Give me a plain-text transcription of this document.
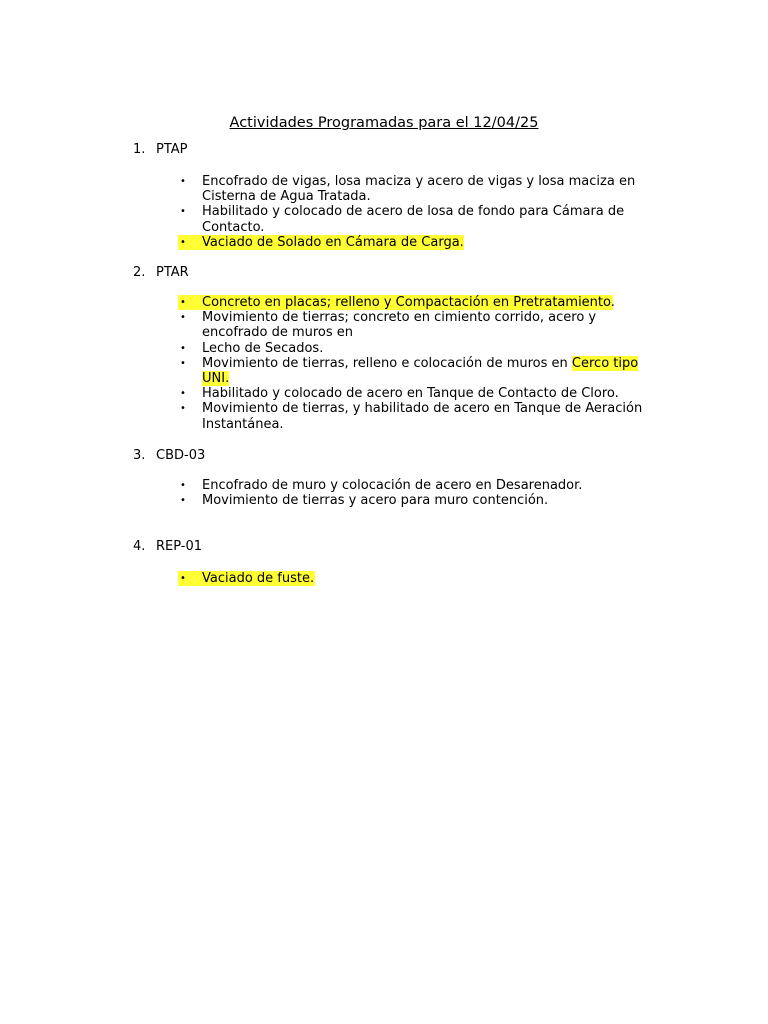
Actividades Programadas para el 12/04/25
1. PTAP
• Encofrado de vigas, losa maciza y acero de vigas y losa maciza en Cisterna de Agua Tratada.
• Habilitado y colocado de acero de losa de fondo para Cámara de Contacto.
• Vaciado de Solado en Cámara de Carga.
2. PTAR
• Concreto en placas; relleno y Compactación en Pretratamiento.
• Movimiento de tierras; concreto en cimiento corrido, acero y encofrado de muros en
• Lecho de Secados.
• Movimiento de tierras, relleno e colocación de muros en Cerco tipo UNI.
• Habilitado y colocado de acero en Tanque de Contacto de Cloro.
• Movimiento de tierras, y habilitado de acero en Tanque de Aeración Instantánea.
3. CBD-03
• Encofrado de muro y colocación de acero en Desarenador.
• Movimiento de tierras y acero para muro contención.
4. REP-01
• Vaciado de fuste.
